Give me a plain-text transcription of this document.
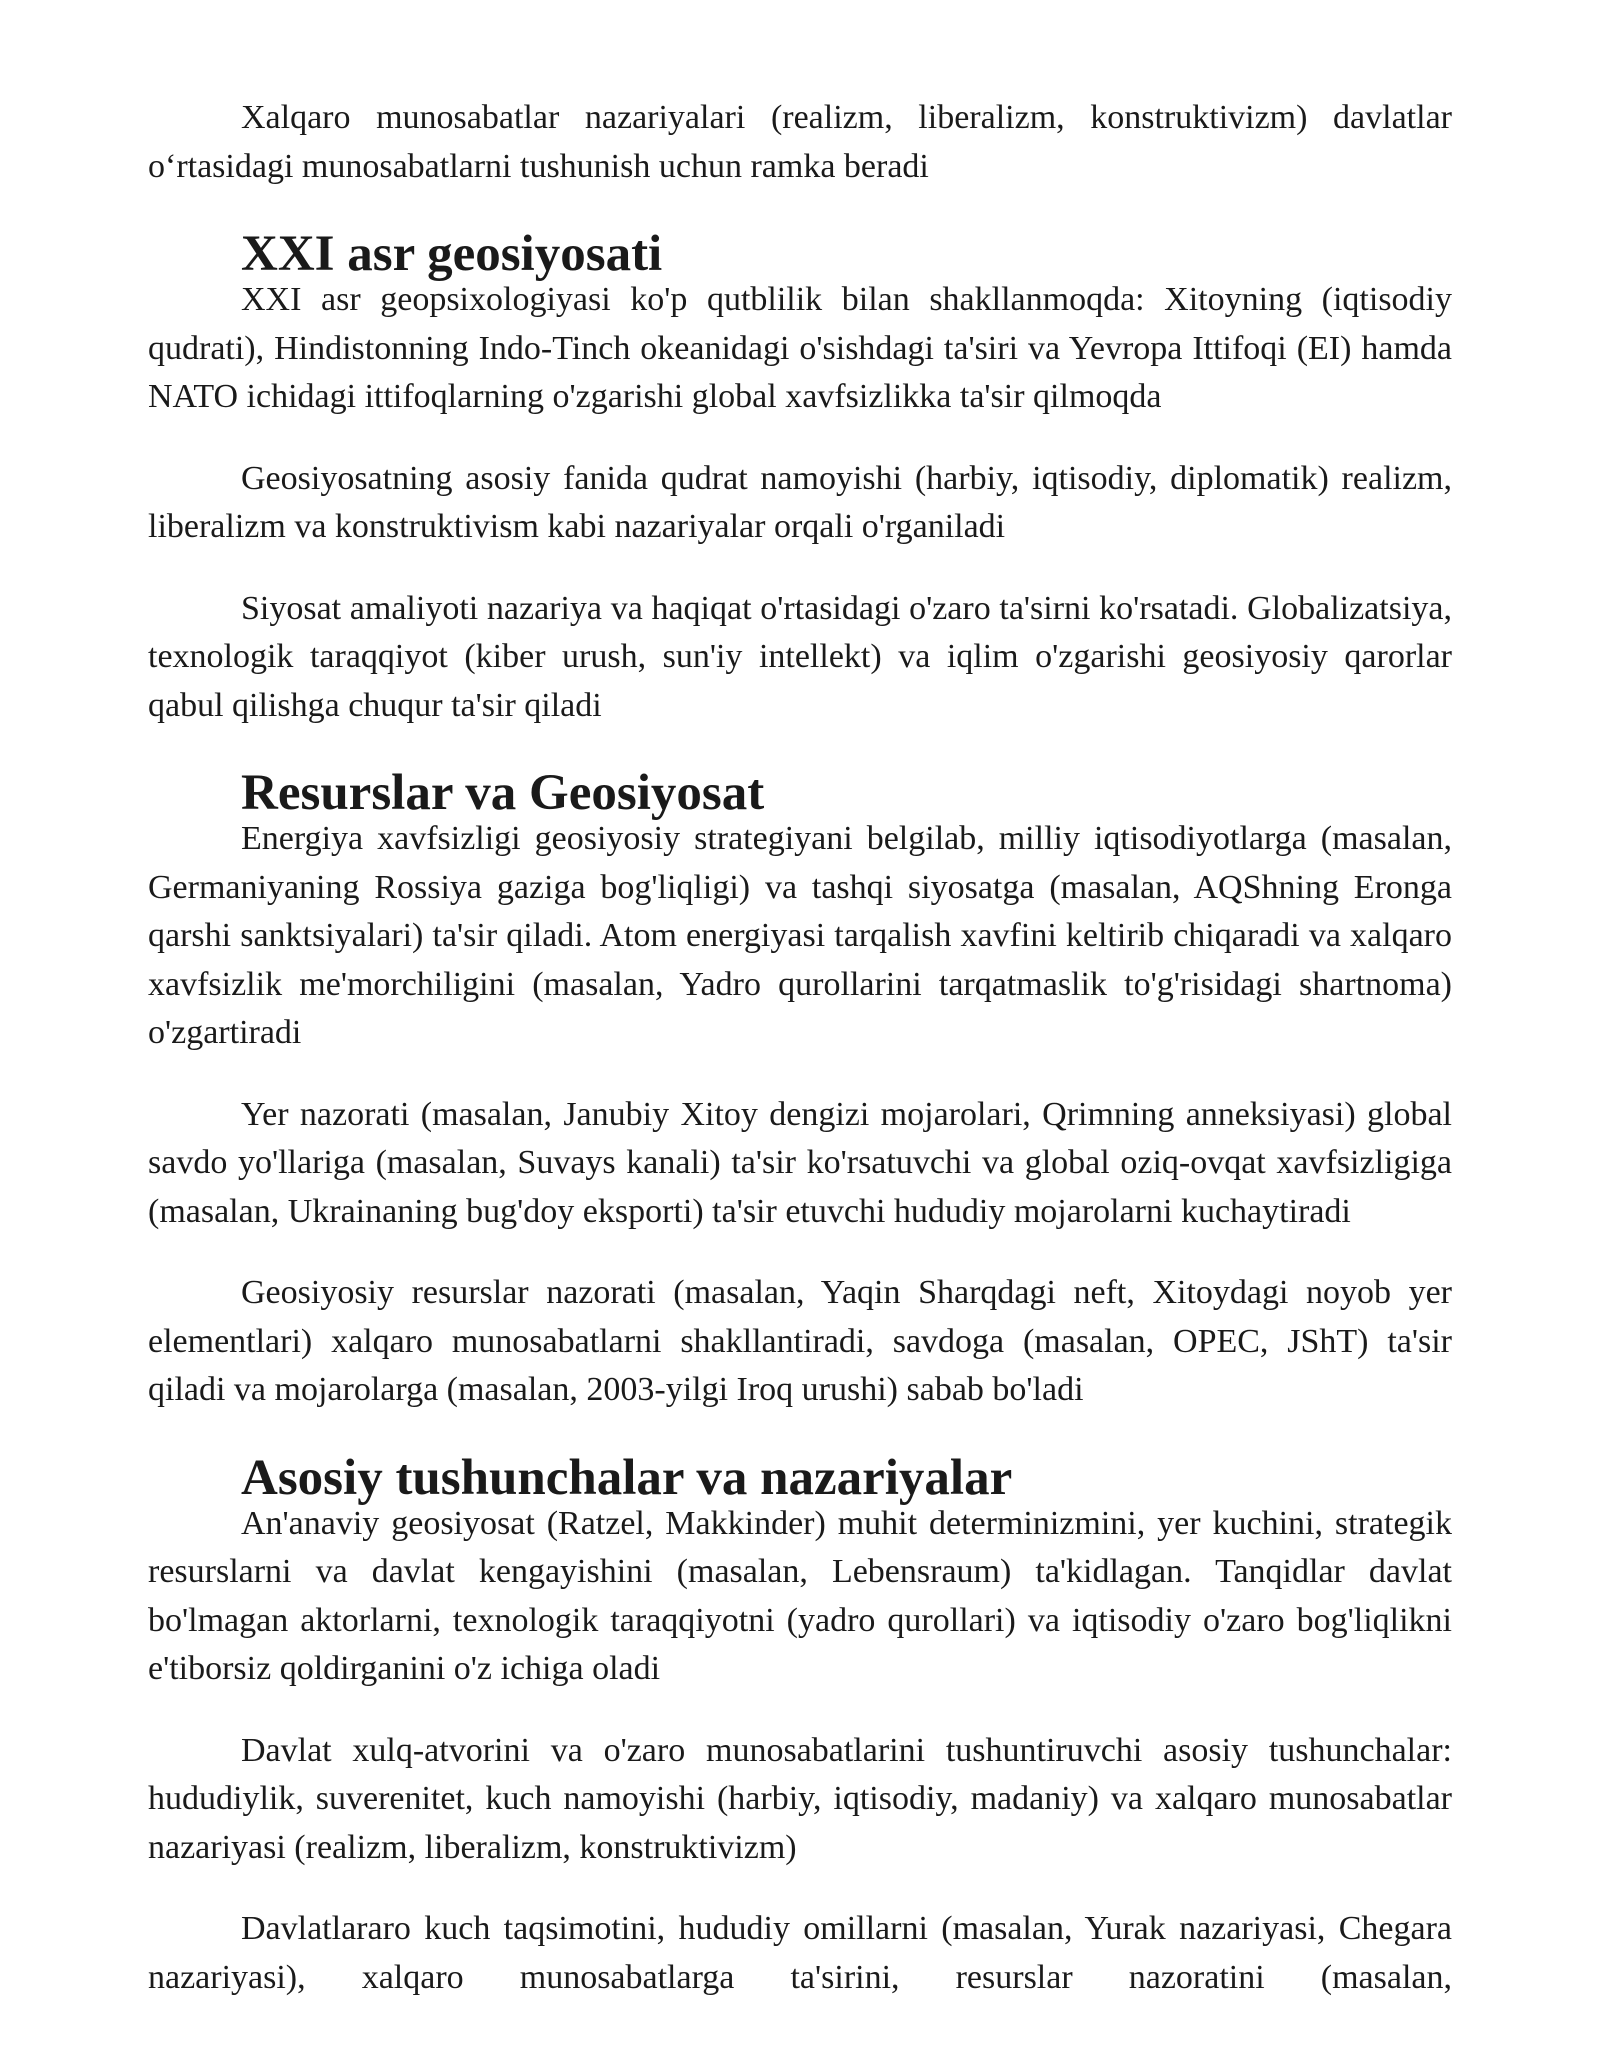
Xalqaro munosabatlar nazariyalari (realizm, liberalizm, konstruktivizm) davlatlar o‘rtasidagi munosabatlarni tushunish uchun ramka beradi

XXI asr geosiyosati

XXI asr geopsixologiyasi ko'p qutblilik bilan shakllanmoqda: Xitoyning (iqtisodiy qudrati), Hindistonning Indo-Tinch okeanidagi o'sishdagi ta'siri va Yevropa Ittifoqi (EI) hamda NATO ichidagi ittifoqlarning o'zgarishi global xavfsizlikka ta'sir qilmoqda

Geosiyosatning asosiy fanida qudrat namoyishi (harbiy, iqtisodiy, diplomatik) realizm, liberalizm va konstruktivism kabi nazariyalar orqali o'rganiladi

Siyosat amaliyoti nazariya va haqiqat o'rtasidagi o'zaro ta'sirni ko'rsatadi. Globalizatsiya, texnologik taraqqiyot (kiber urush, sun'iy intellekt) va iqlim o'zgarishi geosiyosiy qarorlar qabul qilishga chuqur ta'sir qiladi

Resurslar va Geosiyosat

Energiya xavfsizligi geosiyosiy strategiyani belgilab, milliy iqtisodiyotlarga (masalan, Germaniyaning Rossiya gaziga bog'liqligi) va tashqi siyosatga (masalan, AQShning Eronga qarshi sanktsiyalari) ta'sir qiladi. Atom energiyasi tarqalish xavfini keltirib chiqaradi va xalqaro xavfsizlik me'morchiligini (masalan, Yadro qurollarini tarqatmaslik to'g'risidagi shartnoma) o'zgartiradi

Yer nazorati (masalan, Janubiy Xitoy dengizi mojarolari, Qrimning anneksiyasi) global savdo yo'llariga (masalan, Suvays kanali) ta'sir ko'rsatuvchi va global oziq-ovqat xavfsizligiga (masalan, Ukrainaning bug'doy eksporti) ta'sir etuvchi hududiy mojarolarni kuchaytiradi

Geosiyosiy resurslar nazorati (masalan, Yaqin Sharqdagi neft, Xitoydagi noyob yer elementlari) xalqaro munosabatlarni shakllantiradi, savdoga (masalan, OPEC, JShT) ta'sir qiladi va mojarolarga (masalan, 2003-yilgi Iroq urushi) sabab bo'ladi

Asosiy tushunchalar va nazariyalar

An'anaviy geosiyosat (Ratzel, Makkinder) muhit determinizmini, yer kuchini, strategik resurslarni va davlat kengayishini (masalan, Lebensraum) ta'kidlagan. Tanqidlar davlat bo'lmagan aktorlarni, texnologik taraqqiyotni (yadro qurollari) va iqtisodiy o'zaro bog'liqlikni e'tiborsiz qoldirganini o'z ichiga oladi

Davlat xulq-atvorini va o'zaro munosabatlarini tushuntiruvchi asosiy tushunchalar: hududiylik, suverenitet, kuch namoyishi (harbiy, iqtisodiy, madaniy) va xalqaro munosabatlar nazariyasi (realizm, liberalizm, konstruktivizm)

Davlatlararo kuch taqsimotini, hududiy omillarni (masalan, Yurak nazariyasi, Chegara nazariyasi), xalqaro munosabatlarga ta'sirini, resurslar nazoratini (masalan,
